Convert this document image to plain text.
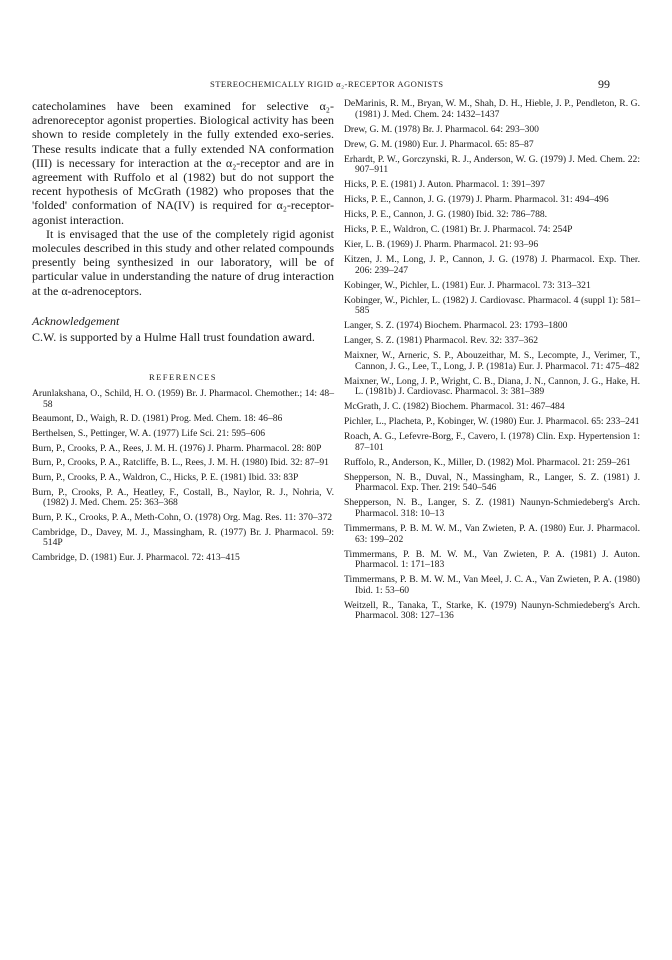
STEREOCHEMICALLY RIGID α₂-RECEPTOR AGONISTS	99

catecholamines have been examined for selective α₂-adrenoreceptor agonist properties. Biological activity has been shown to reside completely in the fully extended exo-series. These results indicate that a fully extended NA conformation (III) is necessary for interaction at the α₂-receptor and are in agreement with Ruffolo et al (1982) but do not support the recent hypothesis of McGrath (1982) who proposes that the 'folded' conformation of NA(IV) is required for α₂-receptor-agonist interaction.

It is envisaged that the use of the completely rigid agonist molecules described in this study and other related compounds presently being synthesized in our laboratory, will be of particular value in understanding the nature of drug interaction at the α-adrenoceptors.

Acknowledgement

C.W. is supported by a Hulme Hall trust foundation award.

REFERENCES

Arunlakshana, O., Schild, H. O. (1959) Br. J. Pharmacol. Chemother.; 14: 48–58

Beaumont, D., Waigh, R. D. (1981) Prog. Med. Chem. 18: 46–86

Berthelsen, S., Pettinger, W. A. (1977) Life Sci. 21: 595–606

Burn, P., Crooks, P. A., Rees, J. M. H. (1976) J. Pharm. Pharmacol. 28: 80P

Burn, P., Crooks, P. A., Ratcliffe, B. L., Rees, J. M. H. (1980) Ibid. 32: 87–91

Burn, P., Crooks, P. A., Waldron, C., Hicks, P. E. (1981) Ibid. 33: 83P

Burn, P., Crooks, P. A., Heatley, F., Costall, B., Naylor, R. J., Nohria, V. (1982) J. Med. Chem. 25: 363–368

Burn, P. K., Crooks, P. A., Meth-Cohn, O. (1978) Org. Mag. Res. 11: 370–372

Cambridge, D., Davey, M. J., Massingham, R. (1977) Br. J. Pharmacol. 59: 514P

Cambridge, D. (1981) Eur. J. Pharmacol. 72: 413–415

DeMarinis, R. M., Bryan, W. M., Shah, D. H., Hieble, J. P., Pendleton, R. G. (1981) J. Med. Chem. 24: 1432–1437

Drew, G. M. (1978) Br. J. Pharmacol. 64: 293–300

Drew, G. M. (1980) Eur. J. Pharmacol. 65: 85–87

Erhardt, P. W., Gorczynski, R. J., Anderson, W. G. (1979) J. Med. Chem. 22: 907–911

Hicks, P. E. (1981) J. Auton. Pharmacol. 1: 391–397

Hicks, P. E., Cannon, J. G. (1979) J. Pharm. Pharmacol. 31: 494–496

Hicks, P. E., Cannon, J. G. (1980) Ibid. 32: 786–788.

Hicks, P. E., Waldron, C. (1981) Br. J. Pharmacol. 74: 254P

Kier, L. B. (1969) J. Pharm. Pharmacol. 21: 93–96

Kitzen, J. M., Long, J. P., Cannon, J. G. (1978) J. Pharmacol. Exp. Ther. 206: 239–247

Kobinger, W., Pichler, L. (1981) Eur. J. Pharmacol. 73: 313–321

Kobinger, W., Pichler, L. (1982) J. Cardiovasc. Pharmacol. 4 (suppl 1): 581–585

Langer, S. Z. (1974) Biochem. Pharmacol. 23: 1793–1800

Langer, S. Z. (1981) Pharmacol. Rev. 32: 337–362

Maixner, W., Arneric, S. P., Abouzeithar, M. S., Lecompte, J., Verimer, T., Cannon, J. G., Lee, T., Long, J. P. (1981a) Eur. J. Pharmacol. 71: 475–482

Maixner, W., Long, J. P., Wright, C. B., Diana, J. N., Cannon, J. G., Hake, H. L. (1981b) J. Cardiovasc. Pharmacol. 3: 381–389

McGrath, J. C. (1982) Biochem. Pharmacol. 31: 467–484

Pichler, L., Placheta, P., Kobinger, W. (1980) Eur. J. Pharmacol. 65: 233–241

Roach, A. G., Lefevre-Borg, F., Cavero, I. (1978) Clin. Exp. Hypertension 1: 87–101

Ruffolo, R., Anderson, K., Miller, D. (1982) Mol. Pharmacol. 21: 259–261

Shepperson, N. B., Duval, N., Massingham, R., Langer, S. Z. (1981) J. Pharmacol. Exp. Ther. 219: 540–546

Shepperson, N. B., Langer, S. Z. (1981) Naunyn-Schmiedeberg's Arch. Pharmacol. 318: 10–13

Timmermans, P. B. M. W. M., Van Zwieten, P. A. (1980) Eur. J. Pharmacol. 63: 199–202

Timmermans, P. B. M. W. M., Van Zwieten, P. A. (1981) J. Auton. Pharmacol. 1: 171–183

Timmermans, P. B. M. W. M., Van Meel, J. C. A., Van Zwieten, P. A. (1980) Ibid. 1: 53–60

Weitzell, R., Tanaka, T., Starke, K. (1979) Naunyn-Schmiedeberg's Arch. Pharmacol. 308: 127–136
